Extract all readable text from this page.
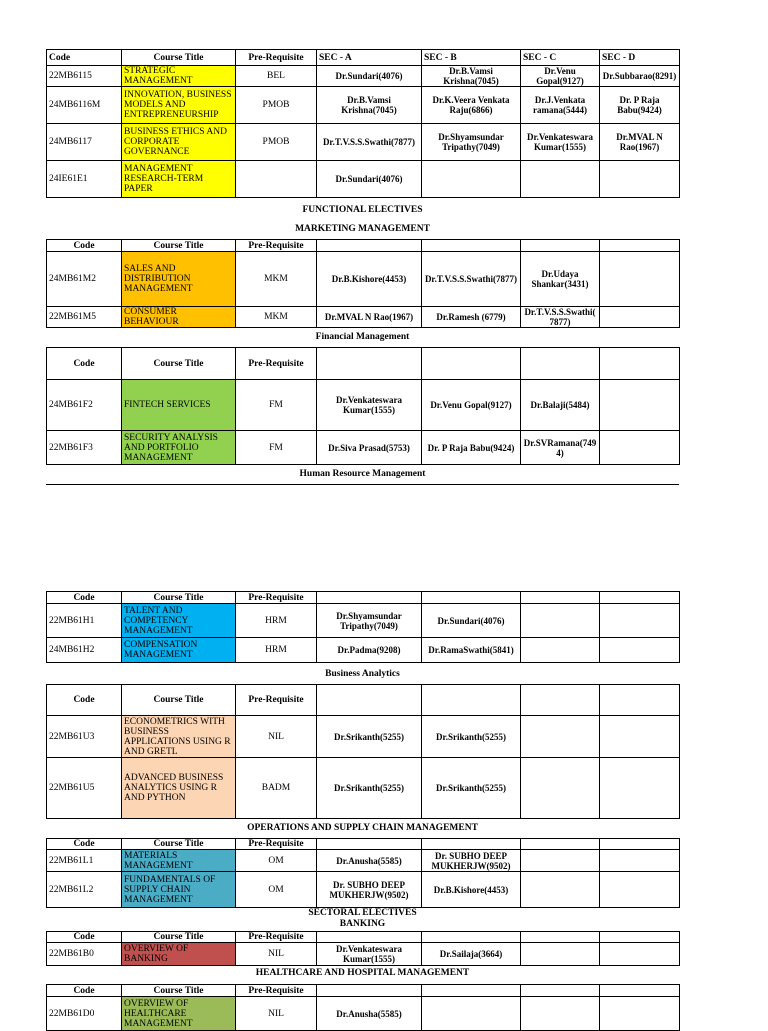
Code	Course Title	Pre-Requisite	SEC - A	SEC - B	SEC - C	SEC - D
22MB6115	STRATEGIC MANAGEMENT	BEL	Dr.Sundari(4076)	Dr.B.Vamsi Krishna(7045)	Dr.Venu Gopal(9127)	Dr.Subbarao(8291)
24MB6116M	INNOVATION, BUSINESS MODELS AND ENTREPRENEURSHIP	PMOB	Dr.B.Vamsi Krishna(7045)	Dr.K.Veera Venkata Raju(6866)	Dr.J.Venkata ramana(5444)	Dr. P Raja Babu(9424)
24MB6117	BUSINESS ETHICS AND CORPORATE GOVERNANCE	PMOB	Dr.T.V.S.S.Swathi(7877)	Dr.Shyamsundar Tripathy(7049)	Dr.Venkateswara Kumar(1555)	Dr.MVAL N Rao(1967)
24IE61E1	MANAGEMENT RESEARCH-TERM PAPER		Dr.Sundari(4076)			
FUNCTIONAL ELECTIVES
MARKETING MANAGEMENT
Code	Course Title	Pre-Requisite				
24MB61M2	SALES AND DISTRIBUTION MANAGEMENT	MKM	Dr.B.Kishore(4453)	Dr.T.V.S.S.Swathi(7877)	Dr.Udaya Shankar(3431)	
22MB61M5	CONSUMER BEHAVIOUR	MKM	Dr.MVAL N Rao(1967)	Dr.Ramesh (6779)	Dr.T.V.S.S.Swathi( 7877)	
Financial Management
Code	Course Title	Pre-Requisite				
24MB61F2	FINTECH SERVICES	FM	Dr.Venkateswara Kumar(1555)	Dr.Venu Gopal(9127)	Dr.Balaji(5484)	
22MB61F3	SECURITY ANALYSIS AND PORTFOLIO MANAGEMENT	FM	Dr.Siva Prasad(5753)	Dr. P Raja Babu(9424)	Dr.SVRamana(749 4)	
Human Resource Management
Code	Course Title	Pre-Requisite				
22MB61H1	TALENT AND COMPETENCY MANAGEMENT	HRM	Dr.Shyamsundar Tripathy(7049)	Dr.Sundari(4076)		
24MB61H2	COMPENSATION MANAGEMENT	HRM	Dr.Padma(9208)	Dr.RamaSwathi(5841)		
Business Analytics
Code	Course Title	Pre-Requisite				
22MB61U3	ECONOMETRICS WITH BUSINESS APPLICATIONS USING R AND GRETL	NIL	Dr.Srikanth(5255)	Dr.Srikanth(5255)		
22MB61U5	ADVANCED BUSINESS ANALYTICS USING R AND PYTHON	BADM	Dr.Srikanth(5255)	Dr.Srikanth(5255)		
OPERATIONS AND SUPPLY CHAIN MANAGEMENT
Code	Course Title	Pre-Requisite				
22MB61L1	MATERIALS MANAGEMENT	OM	Dr.Anusha(5585)	Dr. SUBHO DEEP MUKHERJW(9502)		
22MB61L2	FUNDAMENTALS OF SUPPLY CHAIN MANAGEMENT	OM	Dr. SUBHO DEEP MUKHERJW(9502)	Dr.B.Kishore(4453)		
SECTORAL ELECTIVES
BANKING
Code	Course Title	Pre-Requisite				
22MB61B0	OVERVIEW OF BANKING	NIL	Dr.Venkateswara Kumar(1555)	Dr.Sailaja(3664)		
HEALTHCARE AND HOSPITAL MANAGEMENT
Code	Course Title	Pre-Requisite				
22MB61D0	OVERVIEW OF HEALTHCARE MANAGEMENT	NIL	Dr.Anusha(5585)			
